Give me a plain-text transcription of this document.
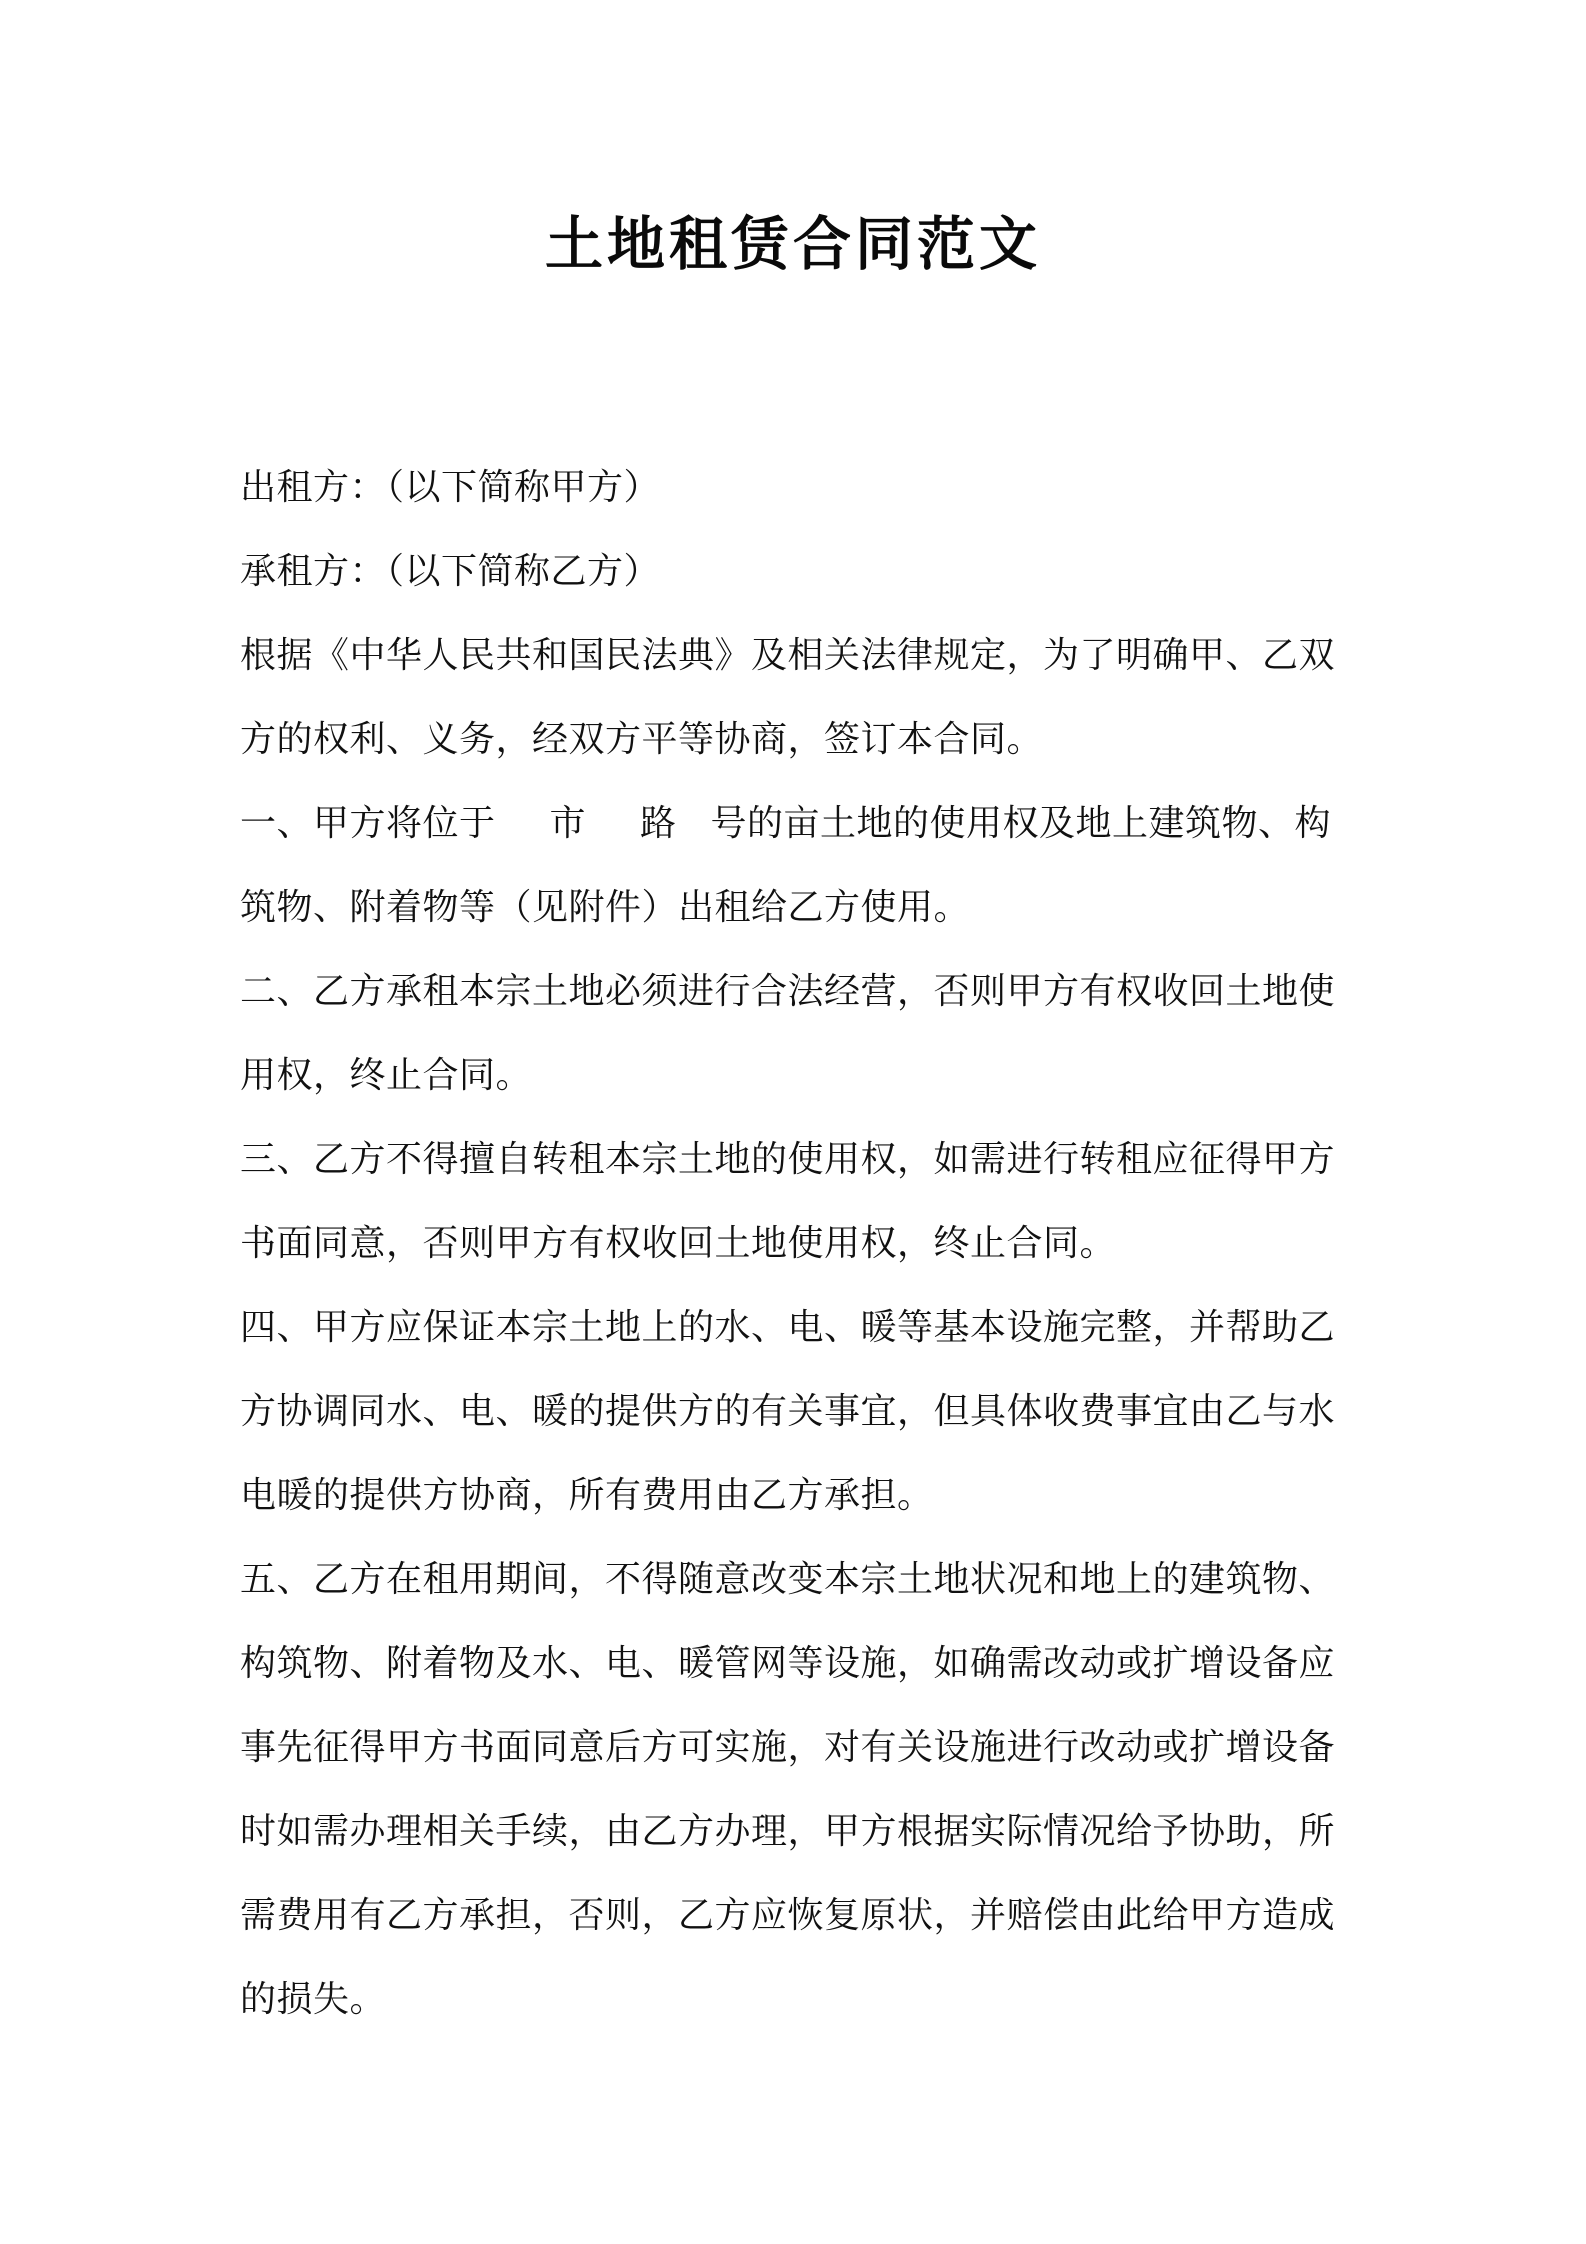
土地租赁合同范文
出租方：（以下简称甲方）
承租方：（以下简称乙方）
根据《中华人民共和国民法典》及相关法律规定，为了明确甲、乙双
方的权利、义务，经双方平等协商，签订本合同。
一、甲方将位于 市 路 号的亩土地的使用权及地上建筑物、构
筑物、附着物等（见附件）出租给乙方使用。
二、乙方承租本宗土地必须进行合法经营，否则甲方有权收回土地使
用权，终止合同。
三、乙方不得擅自转租本宗土地的使用权，如需进行转租应征得甲方
书面同意，否则甲方有权收回土地使用权，终止合同。
四、甲方应保证本宗土地上的水、电、暖等基本设施完整，并帮助乙
方协调同水、电、暖的提供方的有关事宜，但具体收费事宜由乙与水
电暖的提供方协商，所有费用由乙方承担。
五、乙方在租用期间，不得随意改变本宗土地状况和地上的建筑物、
构筑物、附着物及水、电、暖管网等设施，如确需改动或扩增设备应
事先征得甲方书面同意后方可实施，对有关设施进行改动或扩增设备
时如需办理相关手续，由乙方办理，甲方根据实际情况给予协助，所
需费用有乙方承担，否则，乙方应恢复原状，并赔偿由此给甲方造成
的损失。
